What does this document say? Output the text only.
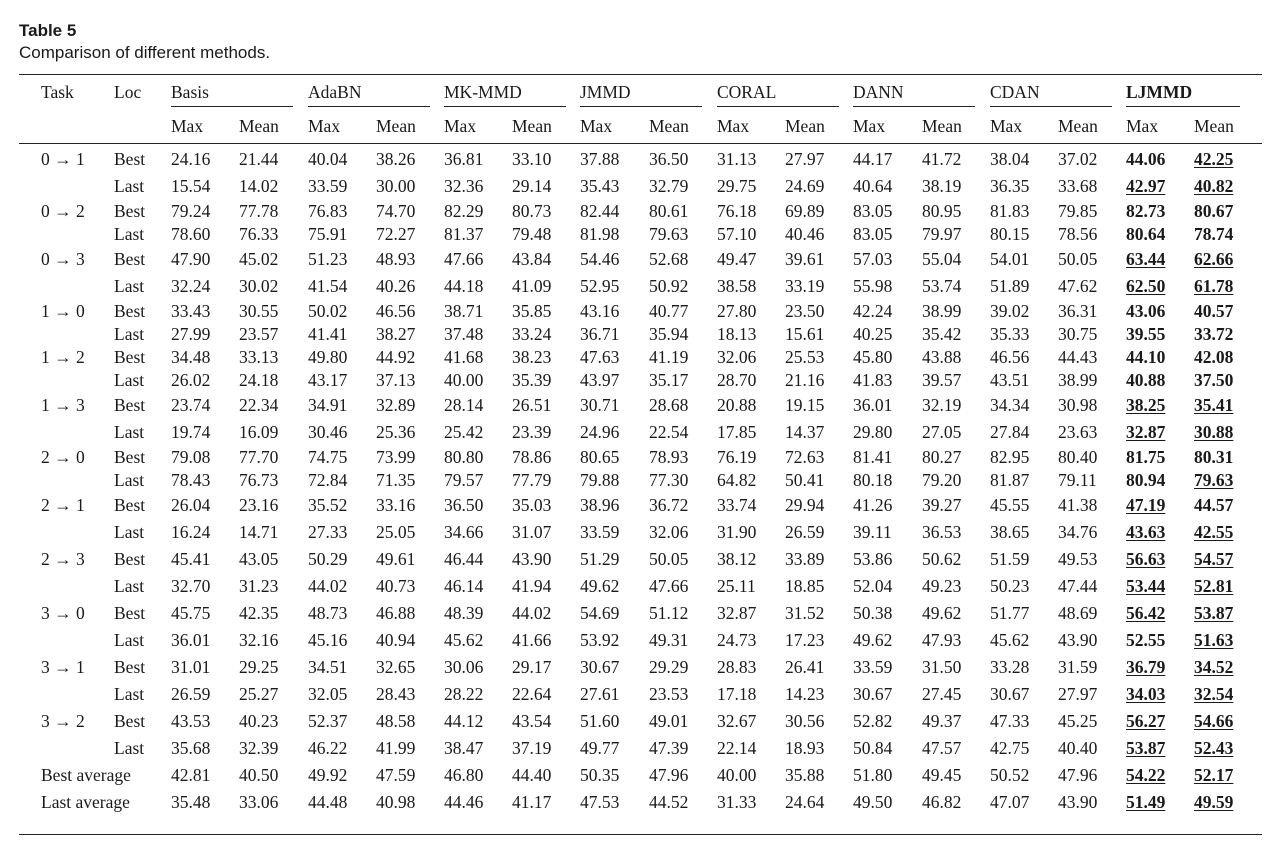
Table 5
Comparison of different methods.
Task Loc Basis	AdaBN	MK-MMD	JMMD	CORAL	DANN	CDAN	LJMMD
Max Mean Max Mean Max Mean Max Mean Max Mean Max Mean Max Mean Max Mean
0 → 1	Best	24.16	21.44	40.04	38.26	36.81	33.10	37.88	36.50	31.13	27.97	44.17	41.72	38.04	37.02	44.06	42.25
	Last	15.54	14.02	33.59	30.00	32.36	29.14	35.43	32.79	29.75	24.69	40.64	38.19	36.35	33.68	42.97	40.82
0 → 2	Best	79.24	77.78	76.83	74.70	82.29	80.73	82.44	80.61	76.18	69.89	83.05	80.95	81.83	79.85	82.73	80.67
	Last	78.60	76.33	75.91	72.27	81.37	79.48	81.98	79.63	57.10	40.46	83.05	79.97	80.15	78.56	80.64	78.74
0 → 3	Best	47.90	45.02	51.23	48.93	47.66	43.84	54.46	52.68	49.47	39.61	57.03	55.04	54.01	50.05	63.44	62.66
	Last	32.24	30.02	41.54	40.26	44.18	41.09	52.95	50.92	38.58	33.19	55.98	53.74	51.89	47.62	62.50	61.78
1 → 0	Best	33.43	30.55	50.02	46.56	38.71	35.85	43.16	40.77	27.80	23.50	42.24	38.99	39.02	36.31	43.06	40.57
	Last	27.99	23.57	41.41	38.27	37.48	33.24	36.71	35.94	18.13	15.61	40.25	35.42	35.33	30.75	39.55	33.72
1 → 2	Best	34.48	33.13	49.80	44.92	41.68	38.23	47.63	41.19	32.06	25.53	45.80	43.88	46.56	44.43	44.10	42.08
	Last	26.02	24.18	43.17	37.13	40.00	35.39	43.97	35.17	28.70	21.16	41.83	39.57	43.51	38.99	40.88	37.50
1 → 3	Best	23.74	22.34	34.91	32.89	28.14	26.51	30.71	28.68	20.88	19.15	36.01	32.19	34.34	30.98	38.25	35.41
	Last	19.74	16.09	30.46	25.36	25.42	23.39	24.96	22.54	17.85	14.37	29.80	27.05	27.84	23.63	32.87	30.88
2 → 0	Best	79.08	77.70	74.75	73.99	80.80	78.86	80.65	78.93	76.19	72.63	81.41	80.27	82.95	80.40	81.75	80.31
	Last	78.43	76.73	72.84	71.35	79.57	77.79	79.88	77.30	64.82	50.41	80.18	79.20	81.87	79.11	80.94	79.63
2 → 1	Best	26.04	23.16	35.52	33.16	36.50	35.03	38.96	36.72	33.74	29.94	41.26	39.27	45.55	41.38	47.19	44.57
	Last	16.24	14.71	27.33	25.05	34.66	31.07	33.59	32.06	31.90	26.59	39.11	36.53	38.65	34.76	43.63	42.55
2 → 3	Best	45.41	43.05	50.29	49.61	46.44	43.90	51.29	50.05	38.12	33.89	53.86	50.62	51.59	49.53	56.63	54.57
	Last	32.70	31.23	44.02	40.73	46.14	41.94	49.62	47.66	25.11	18.85	52.04	49.23	50.23	47.44	53.44	52.81
3 → 0	Best	45.75	42.35	48.73	46.88	48.39	44.02	54.69	51.12	32.87	31.52	50.38	49.62	51.77	48.69	56.42	53.87
	Last	36.01	32.16	45.16	40.94	45.62	41.66	53.92	49.31	24.73	17.23	49.62	47.93	45.62	43.90	52.55	51.63
3 → 1	Best	31.01	29.25	34.51	32.65	30.06	29.17	30.67	29.29	28.83	26.41	33.59	31.50	33.28	31.59	36.79	34.52
	Last	26.59	25.27	32.05	28.43	28.22	22.64	27.61	23.53	17.18	14.23	30.67	27.45	30.67	27.97	34.03	32.54
3 → 2	Best	43.53	40.23	52.37	48.58	44.12	43.54	51.60	49.01	32.67	30.56	52.82	49.37	47.33	45.25	56.27	54.66
	Last	35.68	32.39	46.22	41.99	38.47	37.19	49.77	47.39	22.14	18.93	50.84	47.57	42.75	40.40	53.87	52.43
Best average		42.81	40.50	49.92	47.59	46.80	44.40	50.35	47.96	40.00	35.88	51.80	49.45	50.52	47.96	54.22	52.17
Last average		35.48	33.06	44.48	40.98	44.46	41.17	47.53	44.52	31.33	24.64	49.50	46.82	47.07	43.90	51.49	49.59
